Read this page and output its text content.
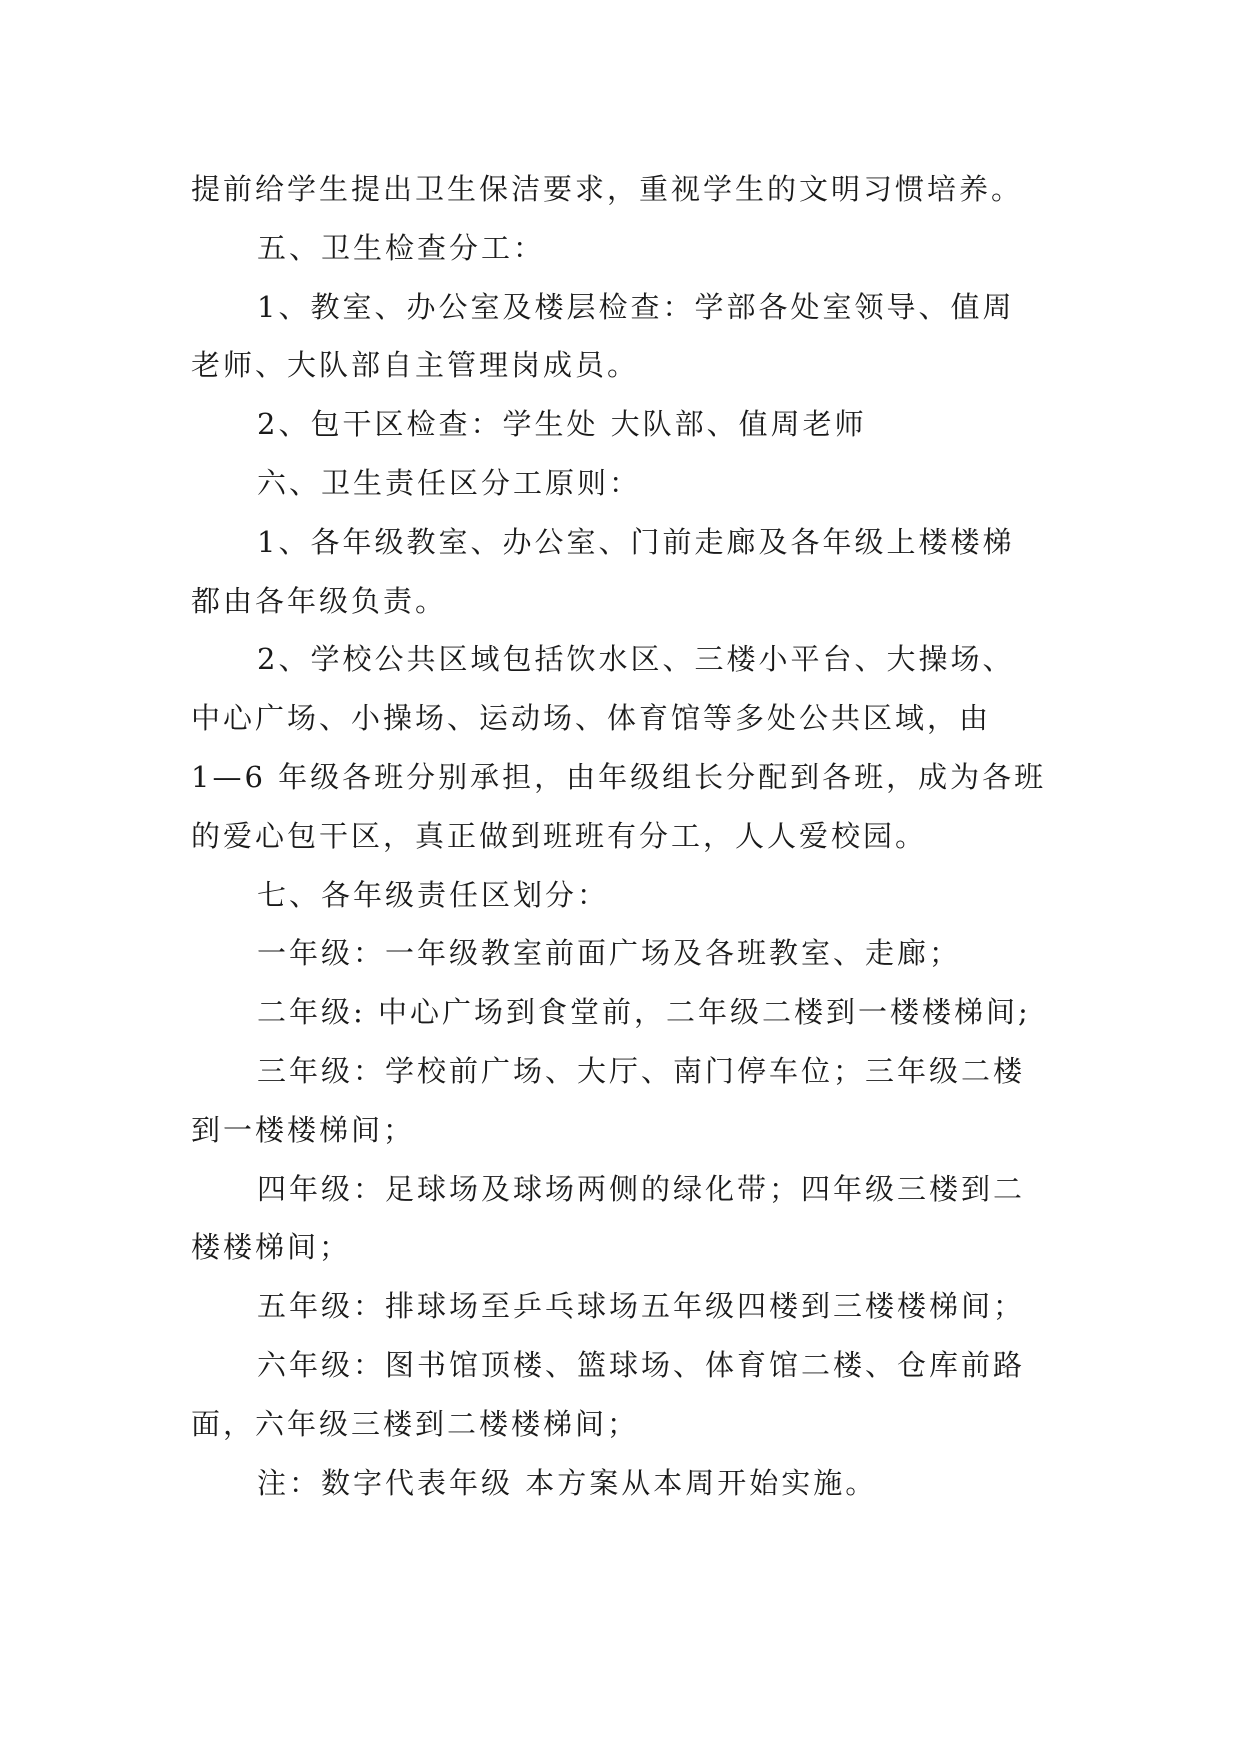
提前给学生提出卫生保洁要求，重视学生的文明习惯培养。
五、卫生检查分工：
1、教室、办公室及楼层检查：学部各处室领导、值周
老师、大队部自主管理岗成员。
2、包干区检查：学生处 大队部、值周老师
六、卫生责任区分工原则：
1、各年级教室、办公室、门前走廊及各年级上楼楼梯
都由各年级负责。
2、学校公共区域包括饮水区、三楼小平台、大操场、
中心广场、小操场、运动场、体育馆等多处公共区域，由
1—6 年级各班分别承担，由年级组长分配到各班，成为各班
的爱心包干区，真正做到班班有分工，人人爱校园。
七、各年级责任区划分：
一年级：一年级教室前面广场及各班教室、走廊；
二年级: 中心广场到食堂前，二年级二楼到一楼楼梯间;
三年级：学校前广场、大厅、南门停车位；三年级二楼
到一楼楼梯间；
四年级：足球场及球场两侧的绿化带；四年级三楼到二
楼楼梯间；
五年级：排球场至乒乓球场五年级四楼到三楼楼梯间；
六年级：图书馆顶楼、篮球场、体育馆二楼、仓库前路
面，六年级三楼到二楼楼梯间；
注：数字代表年级 本方案从本周开始实施。
